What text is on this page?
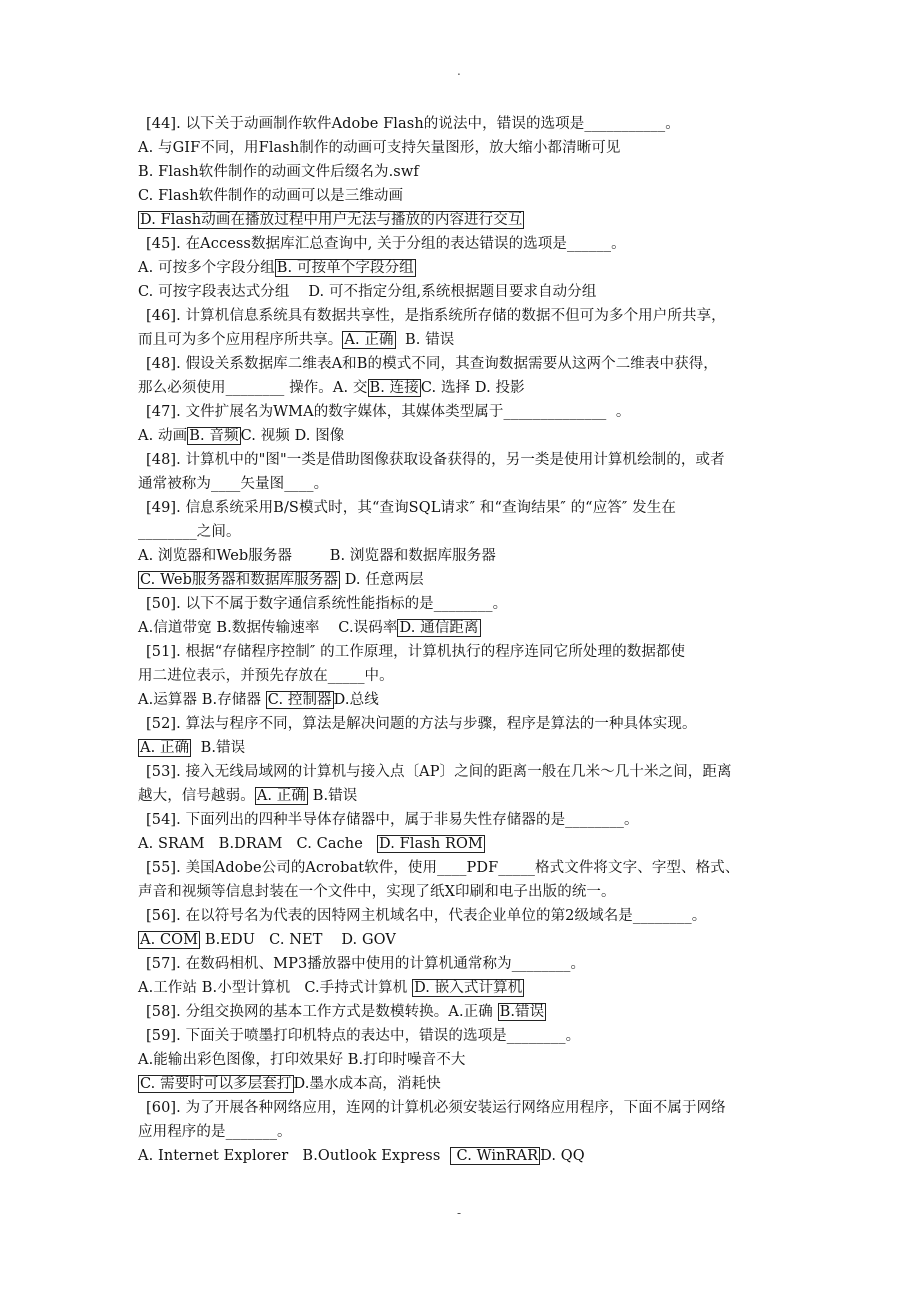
.
[44]. 以下关于动画制作软件Adobe Flash的说法中，错误的选项是___________。
A. 与GIF不同，用Flash制作的动画可支持矢量图形，放大缩小都清晰可见
B. Flash软件制作的动画文件后缀名为.swf
C. Flash软件制作的动画可以是三维动画
D. Flash动画在播放过程中用户无法与播放的内容进行交互
[45]. 在Access数据库汇总查询中, 关于分组的表达错误的选项是______。
A. 可按多个字段分组 B. 可按单个字段分组
C. 可按字段表达式分组    D. 可不指定分组,系统根据题目要求自动分组
[46]. 计算机信息系统具有数据共享性，是指系统所存储的数据不但可为多个用户所共享，
而且可为多个应用程序所共享。 A. 正确  B. 错误
[48]. 假设关系数据库二维表A和B的模式不同，其查询数据需要从这两个二维表中获得，
那么必须使用________ 操作。A. 交 B. 连接 C. 选择 D. 投影
[47]. 文件扩展名为WMA的数字媒体，其媒体类型属于______________  。
A. 动画 B. 音频 C. 视频 D. 图像
[48]. 计算机中的"图"一类是借助图像获取设备获得的，另一类是使用计算机绘制的，或者
通常被称为____矢量图____。
[49]. 信息系统采用B/S模式时，其“查询SQL请求″ 和“查询结果″ 的“应答″ 发生在
________之间。
A. 浏览器和Web服务器        B. 浏览器和数据库服务器
C. Web服务器和数据库服务器 D. 任意两层
[50]. 以下不属于数字通信系统性能指标的是________。
A.信道带宽 B.数据传输速率    C.误码率 D. 通信距离
[51]. 根据“存储程序控制″ 的工作原理，计算机执行的程序连同它所处理的数据都使
用二进位表示，并预先存放在_____中。
A.运算器 B.存储器 C. 控制器 D.总线
[52]. 算法与程序不同，算法是解决问题的方法与步骤，程序是算法的一种具体实现。
A. 正确  B.错误
[53]. 接入无线局域网的计算机与接入点〔AP〕之间的距离一般在几米～几十米之间，距离
越大，信号越弱。 A. 正确 B.错误
[54]. 下面列出的四种半导体存储器中，属于非易失性存储器的是________。
A. SRAM   B.DRAM   C. Cache   D. Flash ROM
[55]. 美国Adobe公司的Acrobat软件，使用____PDF_____格式文件将文字、字型、格式、
声音和视频等信息封装在一个文件中，实现了纸X印刷和电子出版的统一。
[56]. 在以符号名为代表的因特网主机域名中，代表企业单位的第2级域名是________。
A. COM B.EDU   C. NET    D. GOV
[57]. 在数码相机、MP3播放器中使用的计算机通常称为________。
A.工作站 B.小型计算机   C.手持式计算机 D. 嵌入式计算机
[58]. 分组交换网的基本工作方式是数模转换。A.正确 B.错误
[59]. 下面关于喷墨打印机特点的表达中，错误的选项是________。
A.能输出彩色图像，打印效果好 B.打印时噪音不大
C. 需要时可以多层套打 D.墨水成本高，消耗快
[60]. 为了开展各种网络应用，连网的计算机必须安装运行网络应用程序，下面不属于网络
应用程序的是_______。
A. Internet Explorer   B.Outlook Express   C. WinRAR D. QQ
-
